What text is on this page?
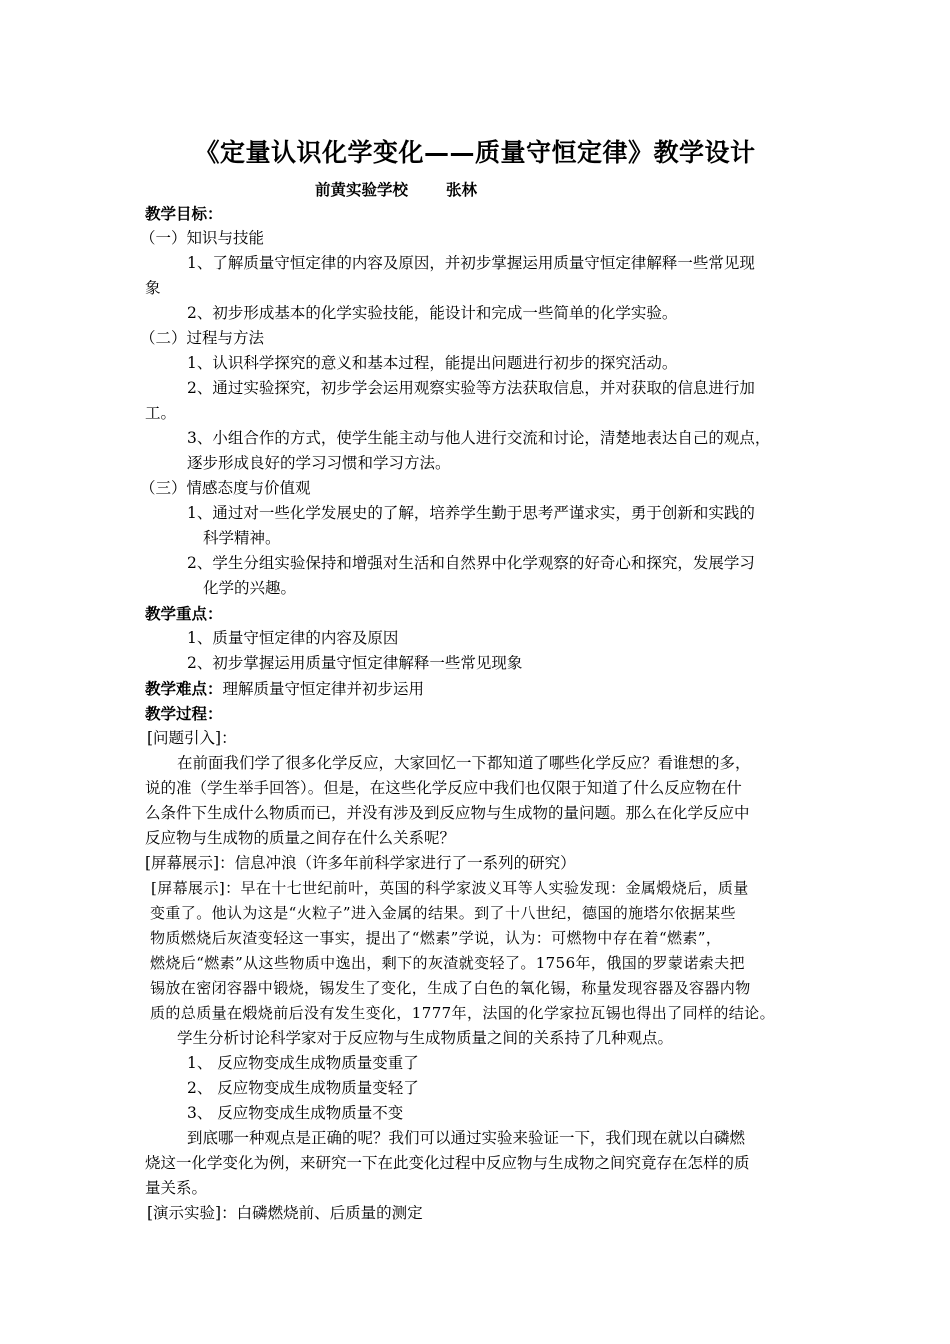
《定量认识化学变化——质量守恒定律》教学设计
前黄实验学校 张林
教学目标：
（一）知识与技能
1、了解质量守恒定律的内容及原因，并初步掌握运用质量守恒定律解释一些常见现
象
2、初步形成基本的化学实验技能，能设计和完成一些简单的化学实验。
（二）过程与方法
1、认识科学探究的意义和基本过程，能提出问题进行初步的探究活动。
2、通过实验探究，初步学会运用观察实验等方法获取信息，并对获取的信息进行加
工。
3、小组合作的方式，使学生能主动与他人进行交流和讨论，清楚地表达自己的观点，
逐步形成良好的学习习惯和学习方法。
（三）情感态度与价值观
1、通过对一些化学发展史的了解，培养学生勤于思考严谨求实，勇于创新和实践的
科学精神。
2、学生分组实验保持和增强对生活和自然界中化学观察的好奇心和探究，发展学习
化学的兴趣。
教学重点：
1、质量守恒定律的内容及原因
2、初步掌握运用质量守恒定律解释一些常见现象
教学难点：理解质量守恒定律并初步运用
教学过程：
[问题引入]：
在前面我们学了很多化学反应，大家回忆一下都知道了哪些化学反应？看谁想的多，
说的准（学生举手回答）。但是，在这些化学反应中我们也仅限于知道了什么反应物在什
么条件下生成什么物质而已，并没有涉及到反应物与生成物的量问题。那么在化学反应中
反应物与生成物的质量之间存在什么关系呢？
[屏幕展示]：信息冲浪（许多年前科学家进行了一系列的研究）
[屏幕展示]：早在十七世纪前叶，英国的科学家波义耳等人实验发现：金属煅烧后，质量
变重了。他认为这是“火粒子”进入金属的结果。到了十八世纪，德国的施塔尔依据某些
物质燃烧后灰渣变轻这一事实，提出了“燃素”学说，认为：可燃物中存在着“燃素”，
燃烧后“燃素”从这些物质中逸出，剩下的灰渣就变轻了。1756年，俄国的罗蒙诺索夫把
锡放在密闭容器中锻烧，锡发生了变化，生成了白色的氧化锡，称量发现容器及容器内物
质的总质量在煅烧前后没有发生变化，1777年，法国的化学家拉瓦锡也得出了同样的结论。
学生分析讨论科学家对于反应物与生成物质量之间的关系持了几种观点。
1、 反应物变成生成物质量变重了
2、 反应物变成生成物质量变轻了
3、 反应物变成生成物质量不变
到底哪一种观点是正确的呢？我们可以通过实验来验证一下，我们现在就以白磷燃
烧这一化学变化为例，来研究一下在此变化过程中反应物与生成物之间究竟存在怎样的质
量关系。
[演示实验]：白磷燃烧前、后质量的测定
